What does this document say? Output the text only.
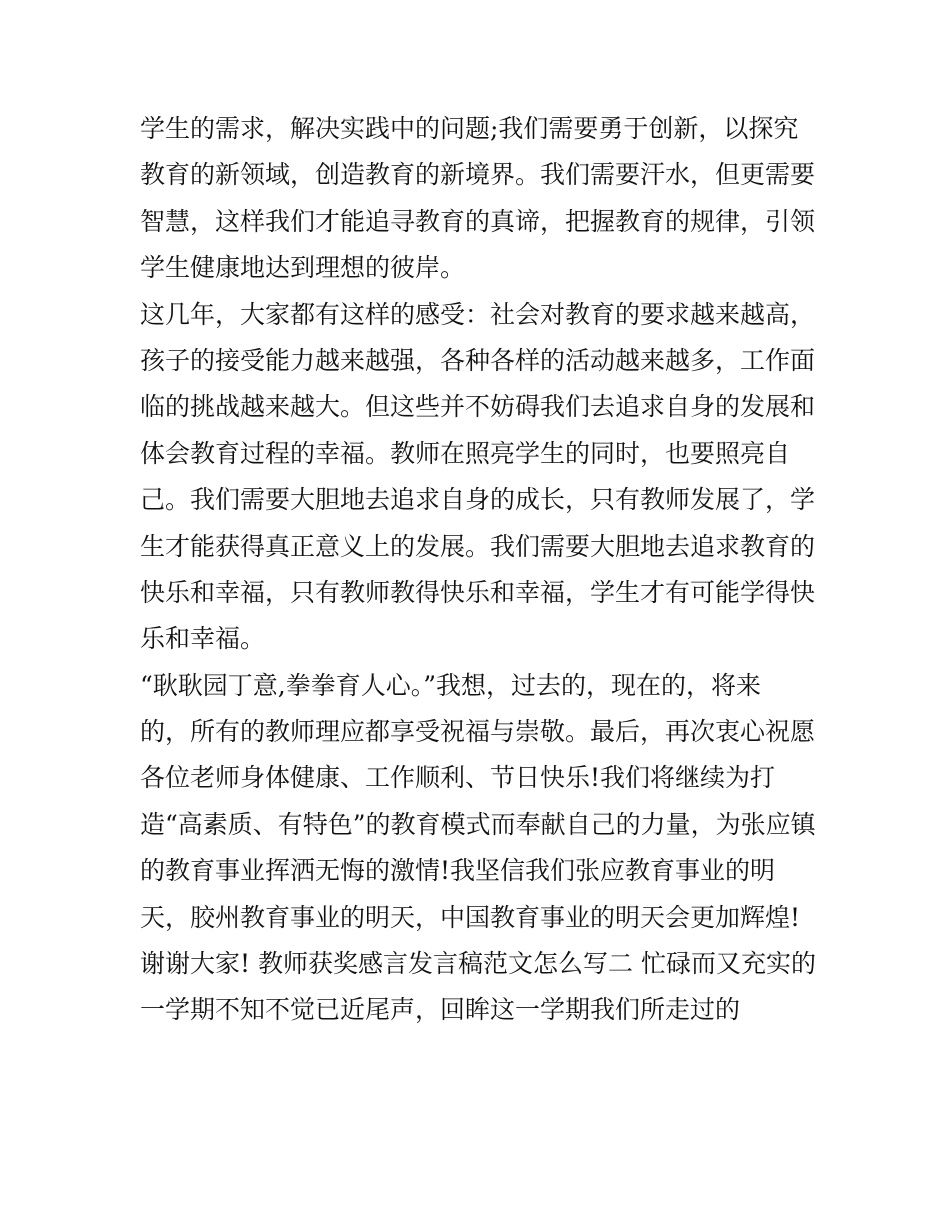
学生的需求，解决实践中的问题;我们需要勇于创新，以探究
教育的新领域，创造教育的新境界。我们需要汗水，但更需要
智慧，这样我们才能追寻教育的真谛，把握教育的规律，引领
学生健康地达到理想的彼岸。
这几年，大家都有这样的感受：社会对教育的要求越来越高，
孩子的接受能力越来越强，各种各样的活动越来越多，工作面
临的挑战越来越大。但这些并不妨碍我们去追求自身的发展和
体会教育过程的幸福。教师在照亮学生的同时，也要照亮自
己。我们需要大胆地去追求自身的成长，只有教师发展了，学
生才能获得真正意义上的发展。我们需要大胆地去追求教育的
快乐和幸福，只有教师教得快乐和幸福，学生才有可能学得快
乐和幸福。
“耿耿园丁意,拳拳育人心。”我想，过去的，现在的，将来
的，所有的教师理应都享受祝福与崇敬。最后，再次衷心祝愿
各位老师身体健康、工作顺利、节日快乐!我们将继续为打
造“高素质、有特色”的教育模式而奉献自己的力量，为张应镇
的教育事业挥洒无悔的激情!我坚信我们张应教育事业的明
天，胶州教育事业的明天，中国教育事业的明天会更加辉煌!
谢谢大家! 教师获奖感言发言稿范文怎么写二 忙碌而又充实的
一学期不知不觉已近尾声，回眸这一学期我们所走过的
